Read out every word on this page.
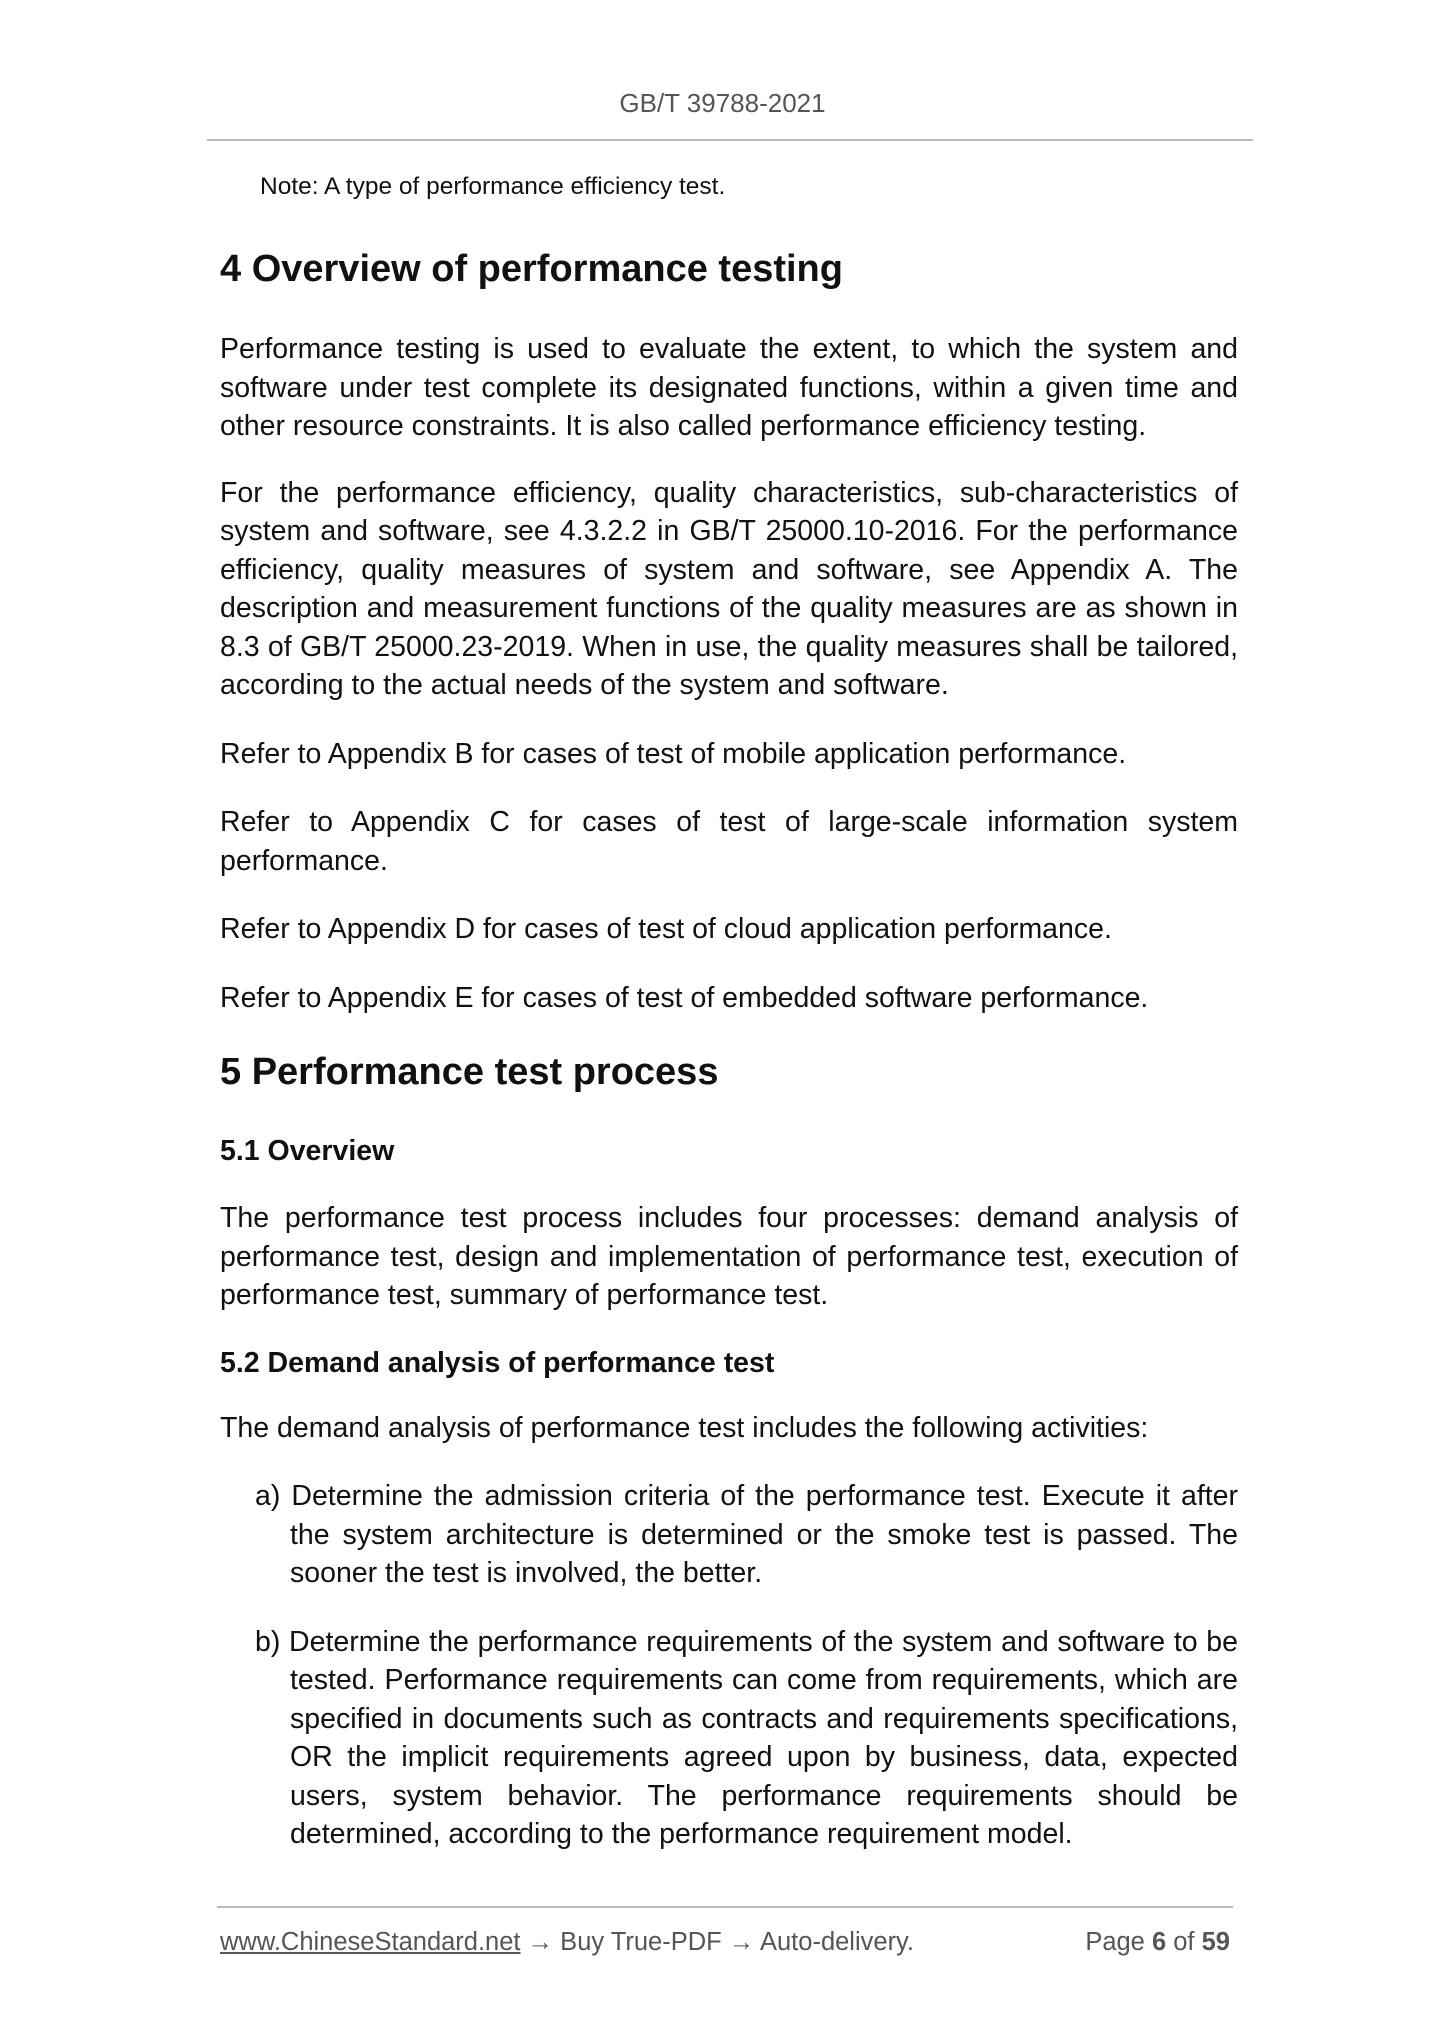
GB/T 39788-2021

Note: A type of performance efficiency test.

4 Overview of performance testing

Performance testing is used to evaluate the extent, to which the system and software under test complete its designated functions, within a given time and other resource constraints. It is also called performance efficiency testing.

For the performance efficiency, quality characteristics, sub-characteristics of system and software, see 4.3.2.2 in GB/T 25000.10-2016. For the performance efficiency, quality measures of system and software, see Appendix A. The description and measurement functions of the quality measures are as shown in 8.3 of GB/T 25000.23-2019. When in use, the quality measures shall be tailored, according to the actual needs of the system and software.

Refer to Appendix B for cases of test of mobile application performance.

Refer to Appendix C for cases of test of large-scale information system performance.

Refer to Appendix D for cases of test of cloud application performance.

Refer to Appendix E for cases of test of embedded software performance.

5 Performance test process
5.1 Overview

The performance test process includes four processes: demand analysis of performance test, design and implementation of performance test, execution of performance test, summary of performance test.

5.2 Demand analysis of performance test

The demand analysis of performance test includes the following activities:

a) Determine the admission criteria of the performance test. Execute it after the system architecture is determined or the smoke test is passed. The sooner the test is involved, the better.

b) Determine the performance requirements of the system and software to be tested. Performance requirements can come from requirements, which are specified in documents such as contracts and requirements specifications, OR the implicit requirements agreed upon by business, data, expected users, system behavior. The performance requirements should be determined, according to the performance requirement model.

www.ChineseStandard.net → Buy True-PDF → Auto-delivery.	Page 6 of 59
